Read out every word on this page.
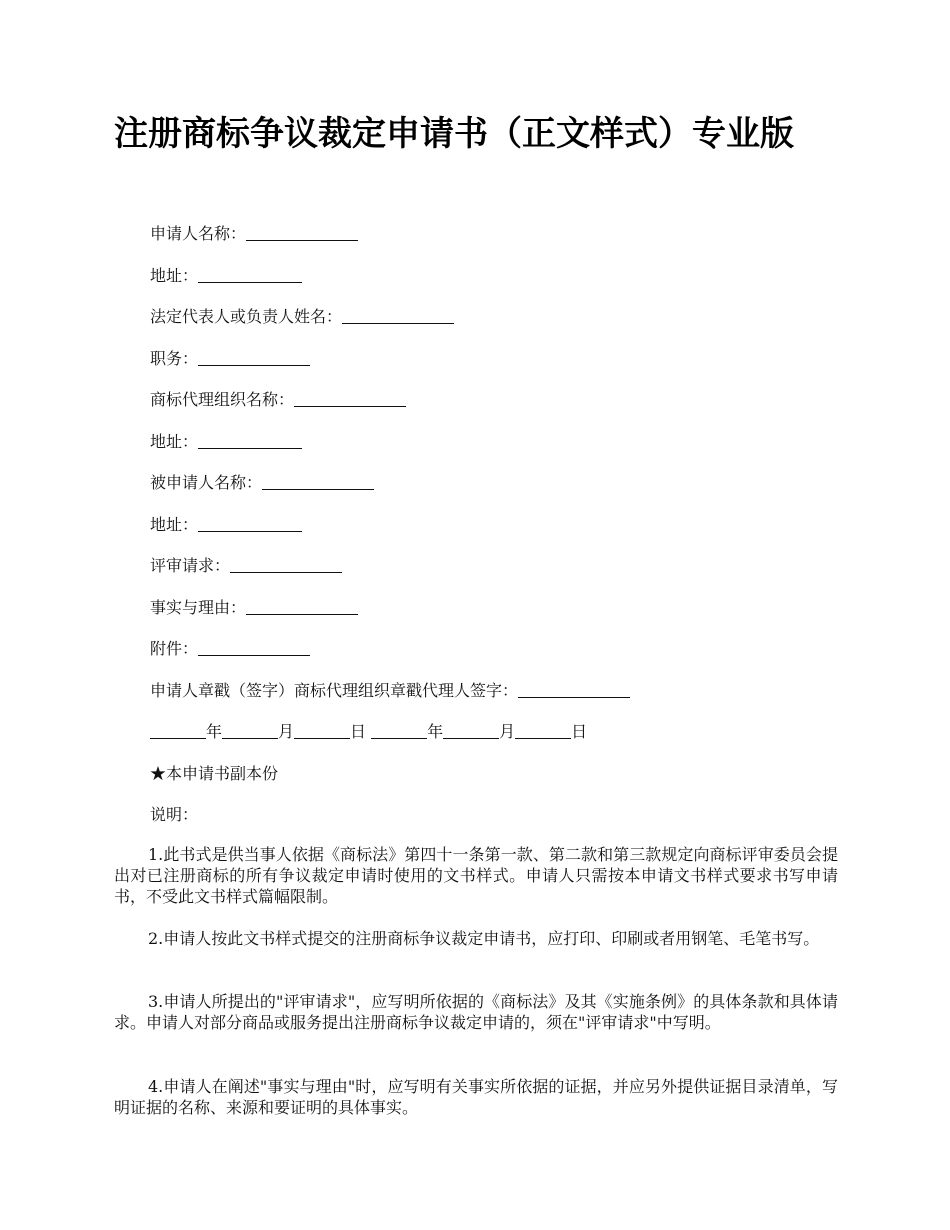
注册商标争议裁定申请书（正文样式）专业版
申请人名称：
地址：
法定代表人或负责人姓名：
职务：
商标代理组织名称：
地址：
被申请人名称：
地址：
评审请求：
事实与理由：
附件：
申请人章戳（签字）商标代理组织章戳代理人签字：
年	月	日	年	月	日
★本申请书副本份
说明：

1.此书式是供当事人依据《商标法》第四十一条第一款、第二款和第三款规定向商标评审委员会提出对已注册商标的所有争议裁定申请时使用的文书样式。申请人只需按本申请文书样式要求书写申请书，不受此文书样式篇幅限制。

2.申请人按此文书样式提交的注册商标争议裁定申请书，应打印、印刷或者用钢笔、毛笔书写。

3.申请人所提出的"评审请求"，应写明所依据的《商标法》及其《实施条例》的具体条款和具体请求。申请人对部分商品或服务提出注册商标争议裁定申请的，须在"评审请求"中写明。

4.申请人在阐述"事实与理由"时，应写明有关事实所依据的证据，并应另外提供证据目录清单，写明证据的名称、来源和要证明的具体事实。
